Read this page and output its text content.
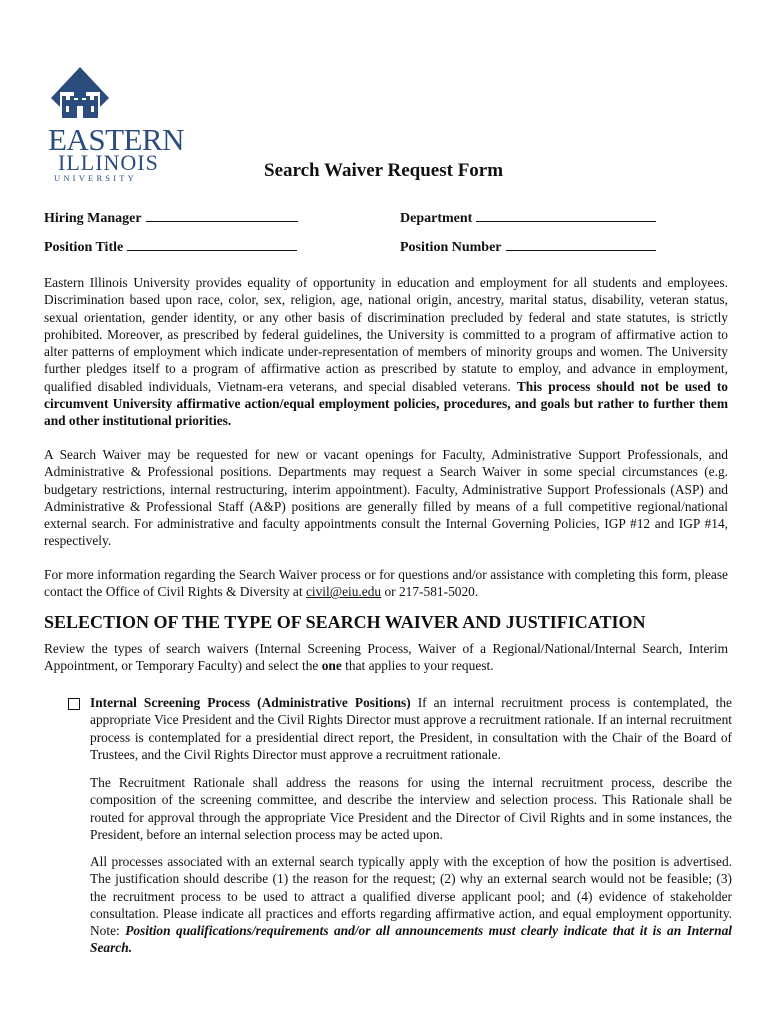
EASTERN
ILLINOIS
UNIVERSITY	Search Waiver Request Form
Hiring Manager	Department
Position Title	Position Number

Eastern Illinois University provides equality of opportunity in education and employment for all students and employees. Discrimination based upon race, color, sex, religion, age, national origin, ancestry, marital status, disability, veteran status, sexual orientation, gender identity, or any other basis of discrimination precluded by federal and state statutes, is strictly prohibited. Moreover, as prescribed by federal guidelines, the University is committed to a program of affirmative action to alter patterns of employment which indicate under-representation of members of minority groups and women. The University further pledges itself to a program of affirmative action as prescribed by statute to employ, and advance in employment, qualified disabled individuals, Vietnam-era veterans, and special disabled veterans. This process should not be used to circumvent University affirmative action/equal employment policies, procedures, and goals but rather to further them and other institutional priorities.

A Search Waiver may be requested for new or vacant openings for Faculty, Administrative Support Professionals, and Administrative & Professional positions. Departments may request a Search Waiver in some special circumstances (e.g. budgetary restrictions, internal restructuring, interim appointment). Faculty, Administrative Support Professionals (ASP) and Administrative & Professional Staff (A&P) positions are generally filled by means of a full competitive regional/national external search. For administrative and faculty appointments consult the Internal Governing Policies, IGP #12 and IGP #14, respectively.

For more information regarding the Search Waiver process or for questions and/or assistance with completing this form, please contact the Office of Civil Rights & Diversity at civil@eiu.edu or 217-581-5020.

SELECTION OF THE TYPE OF SEARCH WAIVER AND JUSTIFICATION

Review the types of search waivers (Internal Screening Process, Waiver of a Regional/National/Internal Search, Interim Appointment, or Temporary Faculty) and select the one that applies to your request.

Internal Screening Process (Administrative Positions) If an internal recruitment process is contemplated, the appropriate Vice President and the Civil Rights Director must approve a recruitment rationale. If an internal recruitment process is contemplated for a presidential direct report, the President, in consultation with the Chair of the Board of Trustees, and the Civil Rights Director must approve a recruitment rationale.

The Recruitment Rationale shall address the reasons for using the internal recruitment process, describe the composition of the screening committee, and describe the interview and selection process. This Rationale shall be routed for approval through the appropriate Vice President and the Director of Civil Rights and in some instances, the President, before an internal selection process may be acted upon.

All processes associated with an external search typically apply with the exception of how the position is advertised. The justification should describe (1) the reason for the request; (2) why an external search would not be feasible; (3) the recruitment process to be used to attract a qualified diverse applicant pool; and (4) evidence of stakeholder consultation. Please indicate all practices and efforts regarding affirmative action, and equal employment opportunity. Note: Position qualifications/requirements and/or all announcements must clearly indicate that it is an Internal Search.
